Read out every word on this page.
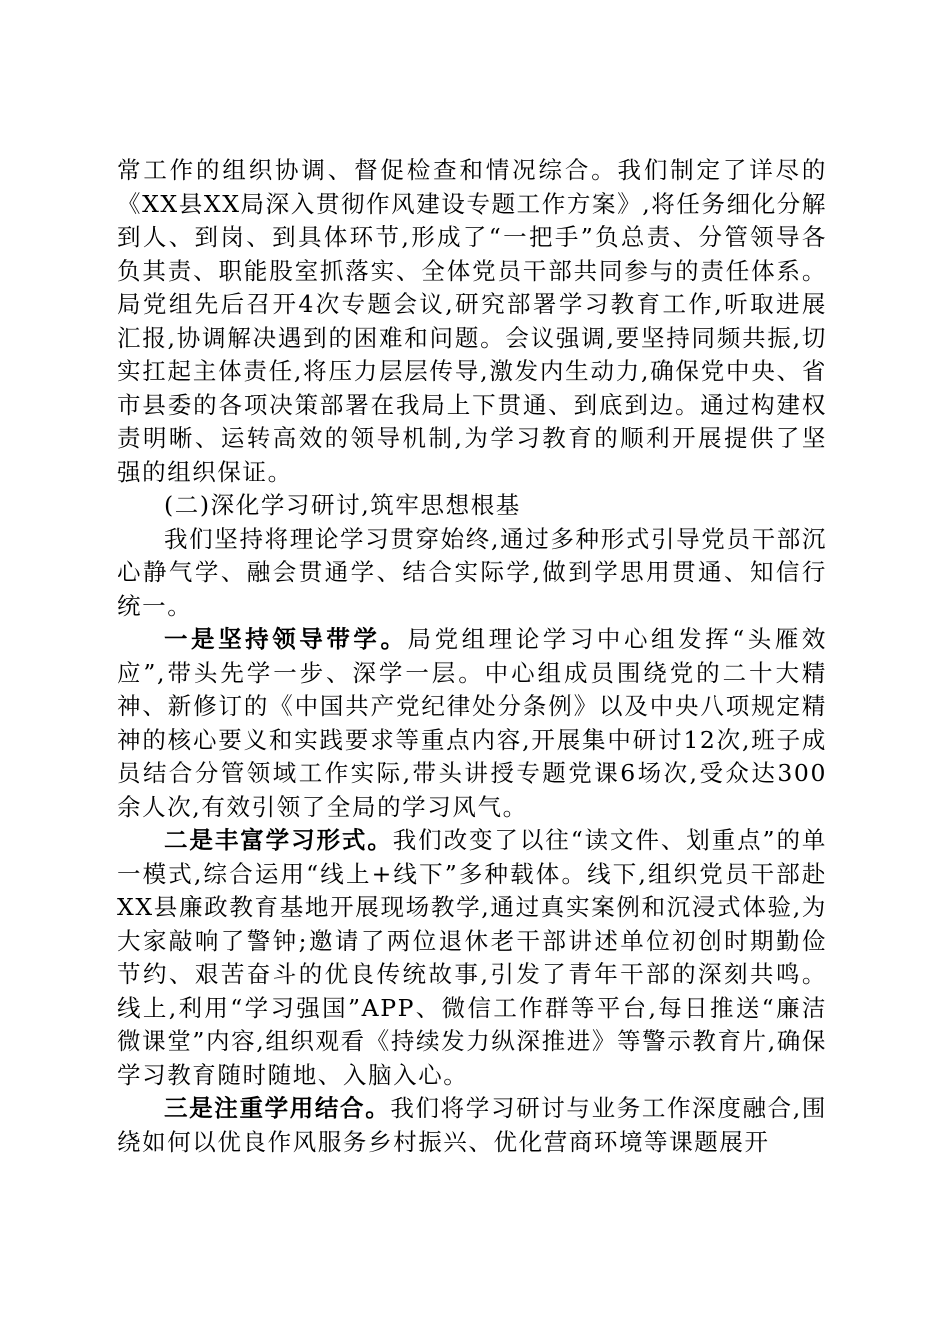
常工作的组织协调、督促检查和情况综合。我们制定了详尽的《XX县XX局深入贯彻作风建设专题工作方案》,将任务细化分解到人、到岗、到具体环节,形成了“一把手”负总责、分管领导各负其责、职能股室抓落实、全体党员干部共同参与的责任体系。局党组先后召开4次专题会议,研究部署学习教育工作,听取进展汇报,协调解决遇到的困难和问题。会议强调,要坚持同频共振,切实扛起主体责任,将压力层层传导,激发内生动力,确保党中央、省市县委的各项决策部署在我局上下贯通、到底到边。通过构建权责明晰、运转高效的领导机制,为学习教育的顺利开展提供了坚强的组织保证。

(二)深化学习研讨,筑牢思想根基

我们坚持将理论学习贯穿始终,通过多种形式引导党员干部沉心静气学、融会贯通学、结合实际学,做到学思用贯通、知信行统一。

一是坚持领导带学。局党组理论学习中心组发挥“头雁效应”,带头先学一步、深学一层。中心组成员围绕党的二十大精神、新修订的《中国共产党纪律处分条例》以及中央八项规定精神的核心要义和实践要求等重点内容,开展集中研讨12次,班子成员结合分管领域工作实际,带头讲授专题党课6场次,受众达300余人次,有效引领了全局的学习风气。

二是丰富学习形式。我们改变了以往“读文件、划重点”的单一模式,综合运用“线上+线下”多种载体。线下,组织党员干部赴XX县廉政教育基地开展现场教学,通过真实案例和沉浸式体验,为大家敲响了警钟;邀请了两位退休老干部讲述单位初创时期勤俭节约、艰苦奋斗的优良传统故事,引发了青年干部的深刻共鸣。线上,利用“学习强国”APP、微信工作群等平台,每日推送“廉洁微课堂”内容,组织观看《持续发力纵深推进》等警示教育片,确保学习教育随时随地、入脑入心。

三是注重学用结合。我们将学习研讨与业务工作深度融合,围绕如何以优良作风服务乡村振兴、优化营商环境等课题展开
